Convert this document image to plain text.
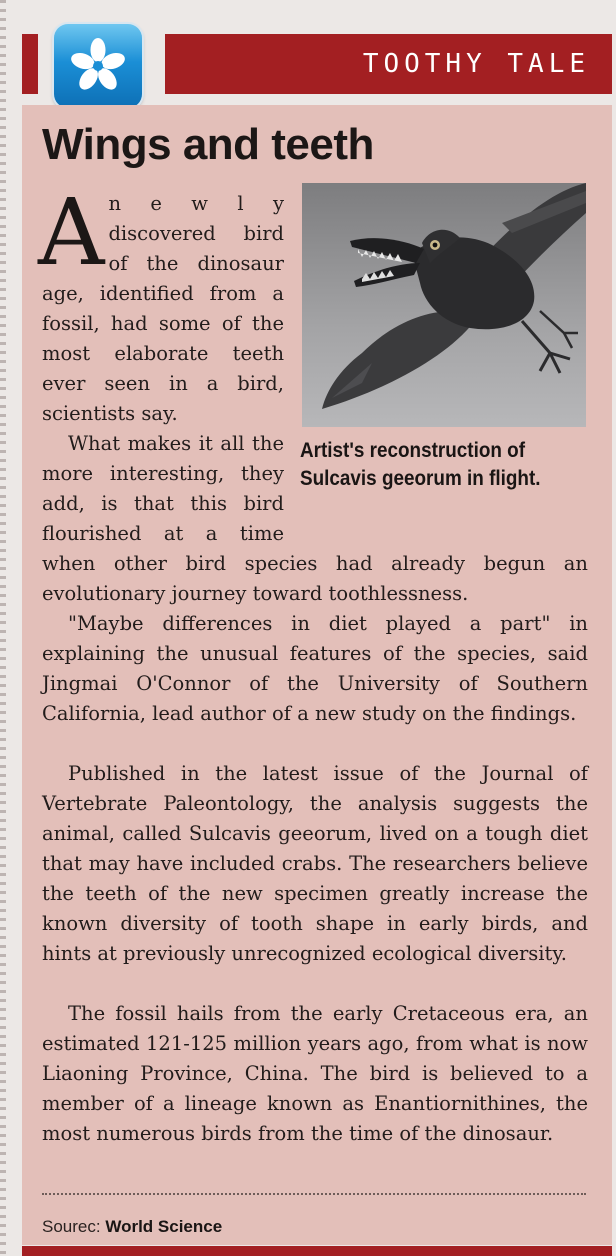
TOOTHY TALE
Wings and teeth
Artist's reconstruction of
Sulcavis geeorum in flight.
A n e w l y
discovered bird
of the dinosaur
age, identified from a
fossil, had some of the
most elaborate teeth
ever seen in a bird,
scientists say.
What makes it all the
more interesting, they
add, is that this bird
flourished at a time
when other bird species had already begun an
evolutionary journey toward toothlessness.

"Maybe differences in diet played a part" in explaining the unusual features of the species, said Jingmai O'Connor of the University of Southern California, lead author of a new study on the findings.

Published in the latest issue of the Journal of Vertebrate Paleontology, the analysis suggests the animal, called Sulcavis geeorum, lived on a tough diet that may have included crabs. The researchers believe the teeth of the new specimen greatly increase the known diversity of tooth shape in early birds, and hints at previously unrecognized ecological diversity.

The fossil hails from the early Cretaceous era, an estimated 121-125 million years ago, from what is now Liaoning Province, China. The bird is believed to a member of a lineage known as Enantiornithines, the most numerous birds from the time of the dinosaur.

Sourec: World Science
